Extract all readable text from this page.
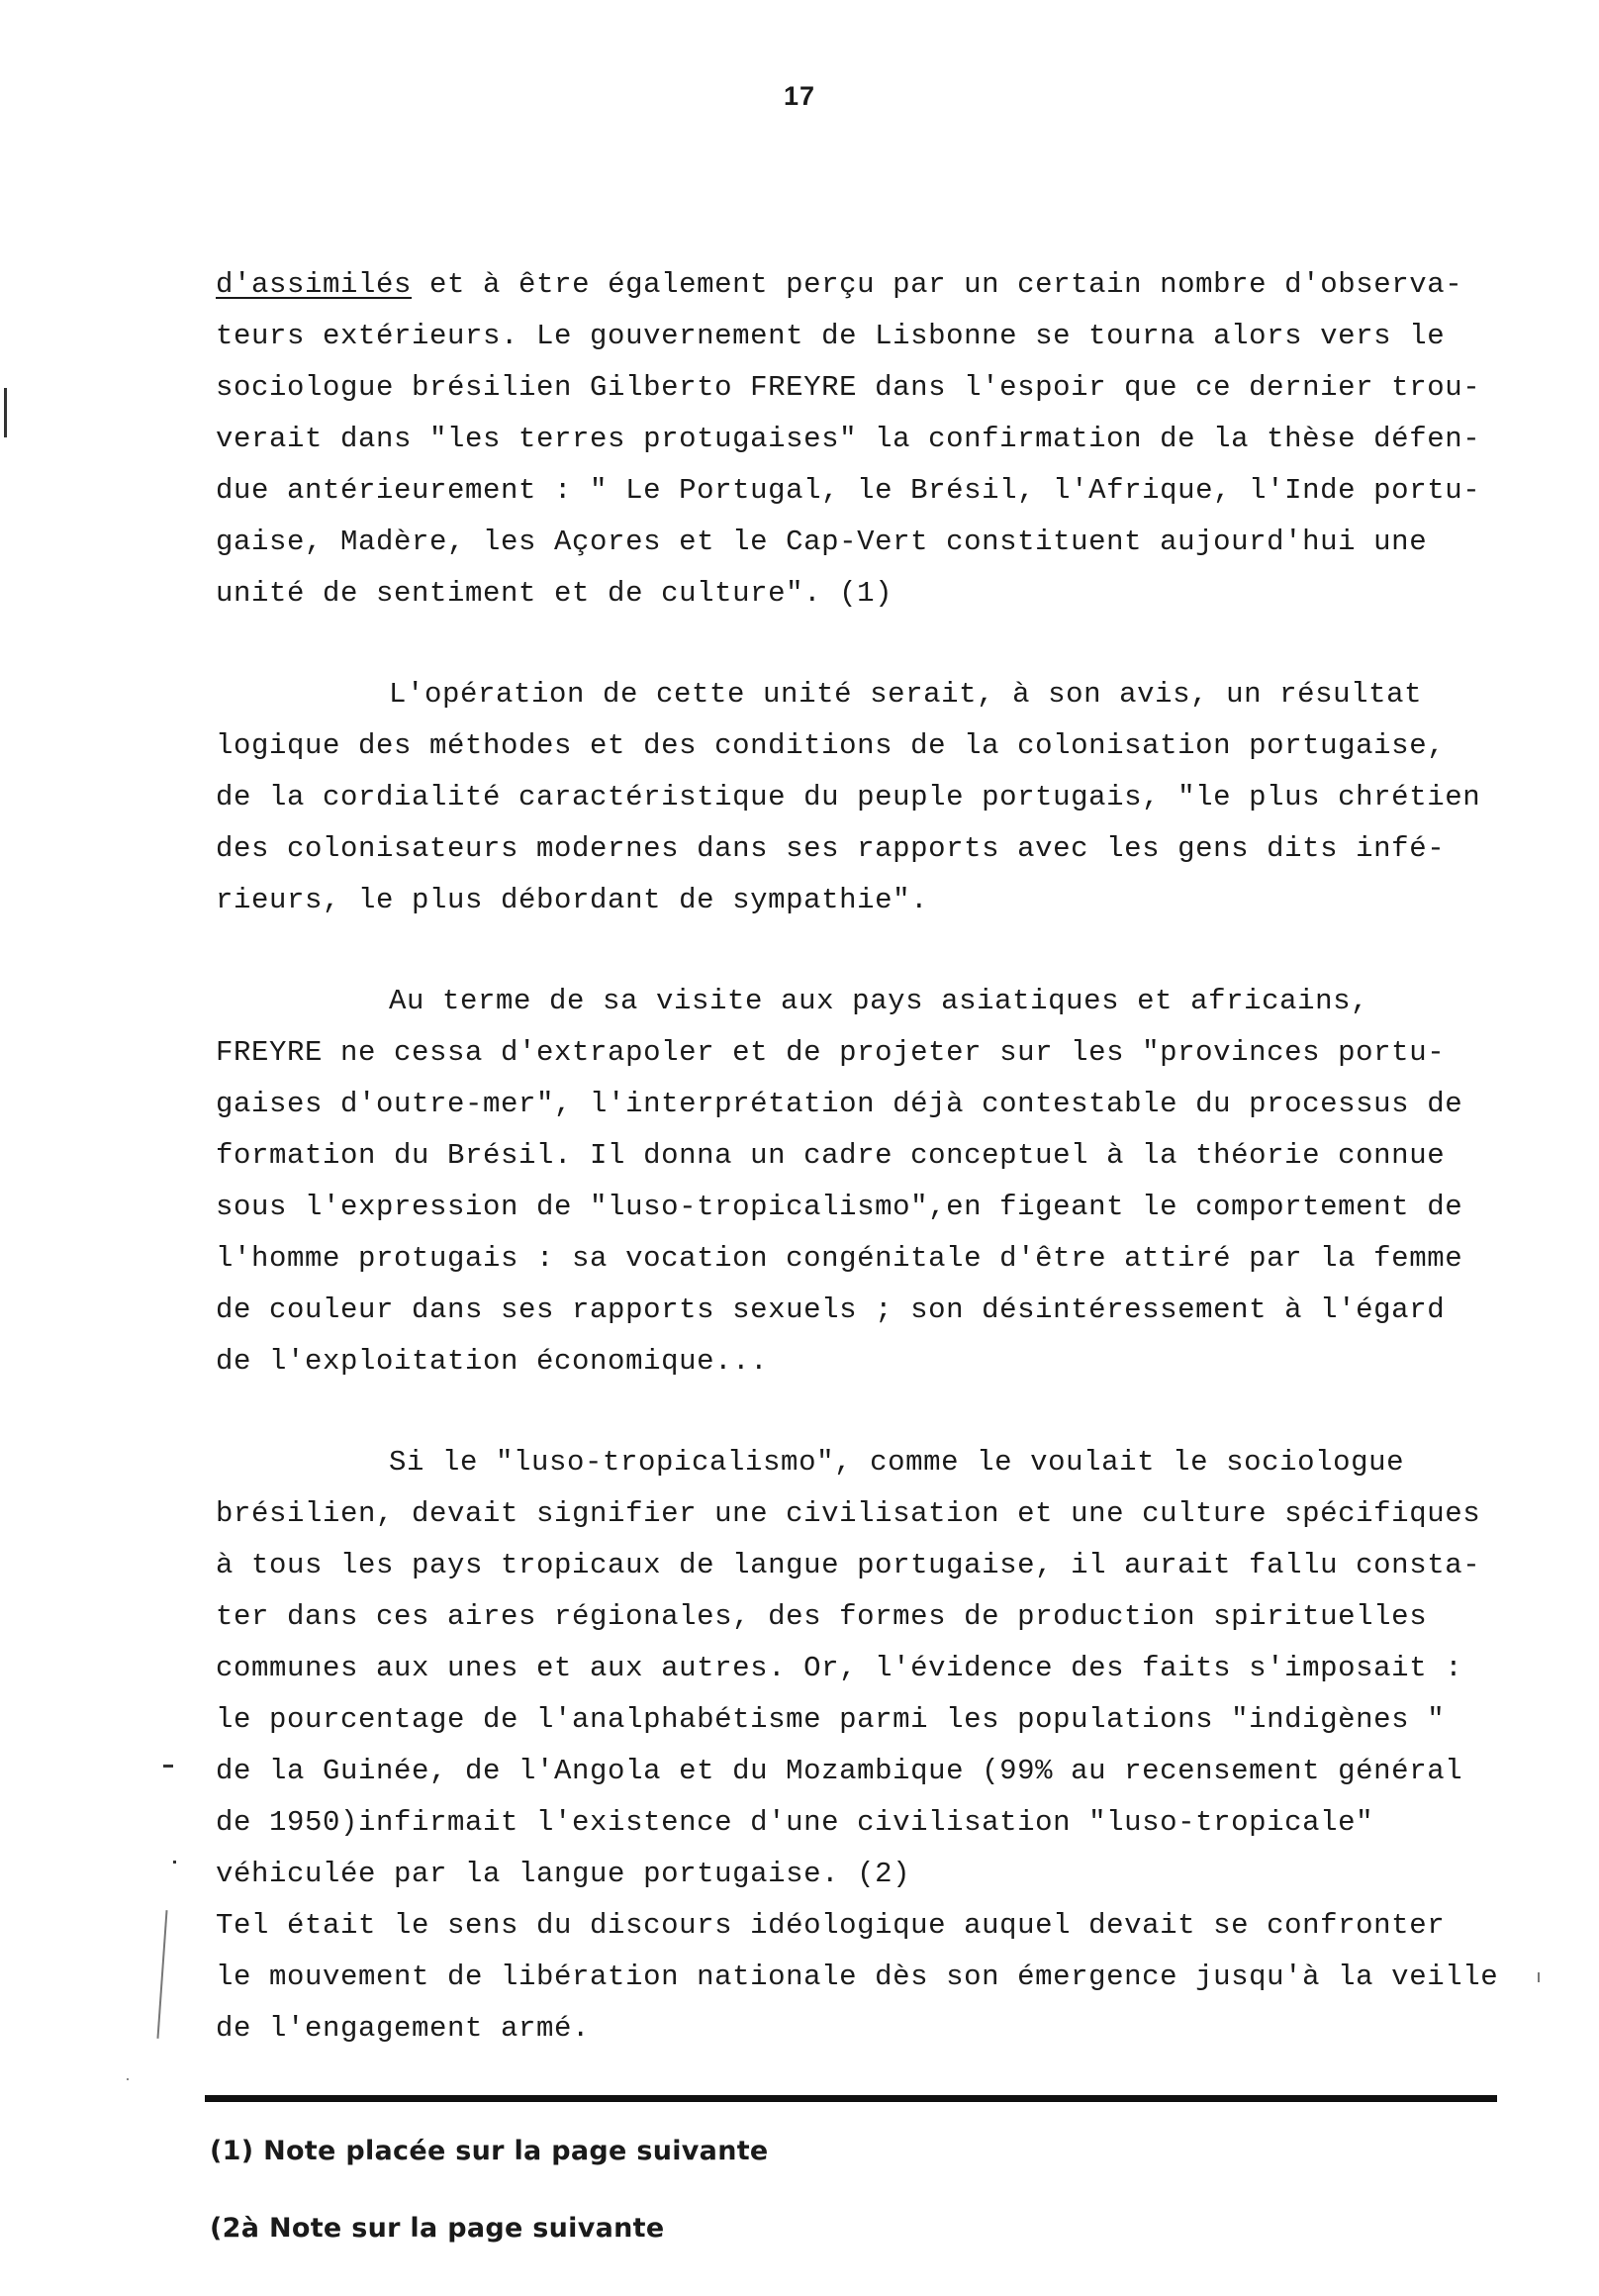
17
d'assimilés et à être également perçu par un certain nombre d'observa-
teurs extérieurs. Le gouvernement de Lisbonne se tourna alors vers le
sociologue brésilien Gilberto FREYRE dans l'espoir que ce dernier trou-
verait dans "les terres protugaises" la confirmation de la thèse défen-
due antérieurement : " Le Portugal, le Brésil, l'Afrique, l'Inde portu-
gaise, Madère, les Açores et le Cap-Vert constituent aujourd'hui une
unité de sentiment et de culture". (1)
L'opération de cette unité serait, à son avis, un résultat
logique des méthodes et des conditions de la colonisation portugaise,
de la cordialité caractéristique du peuple portugais, "le plus chrétien
des colonisateurs modernes dans ses rapports avec les gens dits infé-
rieurs, le plus débordant de sympathie".
Au terme de sa visite aux pays asiatiques et africains,
FREYRE ne cessa d'extrapoler et de projeter sur les "provinces portu-
gaises d'outre-mer", l'interprétation déjà contestable du processus de
formation du Brésil. Il donna un cadre conceptuel à la théorie connue
sous l'expression de "luso-tropicalismo",en figeant le comportement de
l'homme protugais : sa vocation congénitale d'être attiré par la femme
de couleur dans ses rapports sexuels ; son désintéressement à l'égard
de l'exploitation économique...
Si le "luso-tropicalismo", comme le voulait le sociologue
brésilien, devait signifier une civilisation et une culture spécifiques
à tous les pays tropicaux de langue portugaise, il aurait fallu consta-
ter dans ces aires régionales, des formes de production spirituelles
communes aux unes et aux autres. Or, l'évidence des faits s'imposait :
le pourcentage de l'analphabétisme parmi les populations "indigènes "
de la Guinée, de l'Angola et du Mozambique (99% au recensement général
de 1950)infirmait l'existence d'une civilisation "luso-tropicale"
véhiculée par la langue portugaise. (2)
Tel était le sens du discours idéologique auquel devait se confronter
le mouvement de libération nationale dès son émergence jusqu'à la veille
de l'engagement armé.
(1) Note placée sur la page suivante
(2à Note sur la page suivante
